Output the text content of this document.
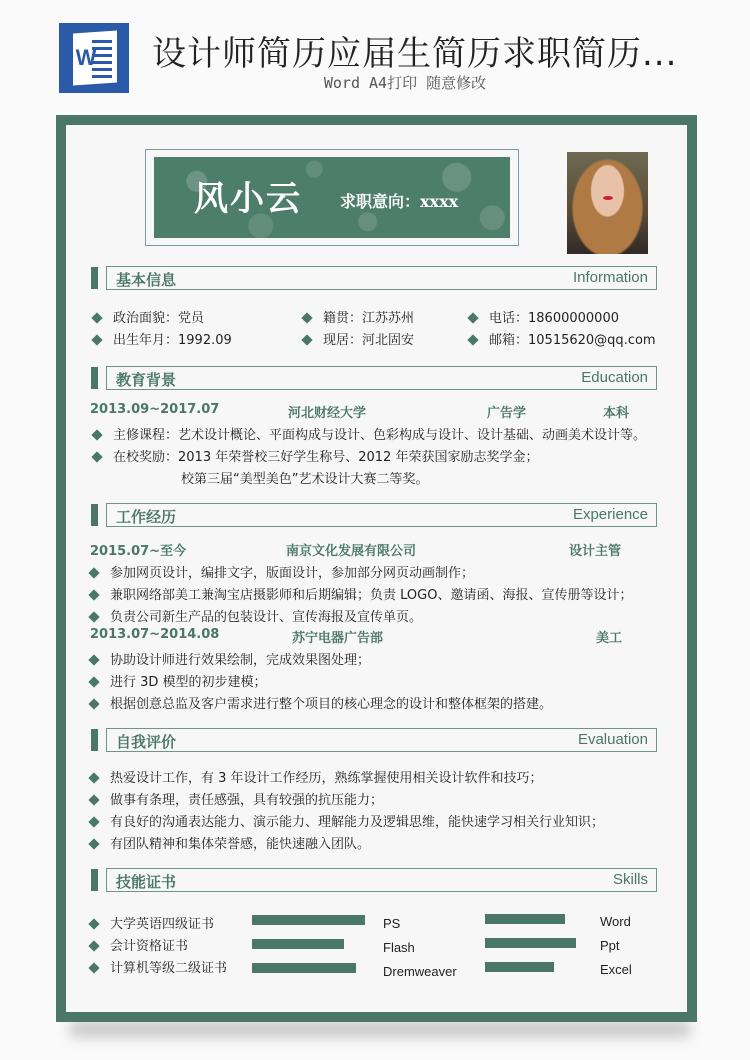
W 设计师简历应届生简历求职简历...
Word A4打印 随意修改
风小云 求职意向：xxxx
基本信息	Information
政治面貌：党员	籍贯：江苏苏州	电话：18600000000
出生年月：1992.09	现居：河北固安	邮箱：10515620@qq.com
教育背景	Education
2013.09~2017.07	河北财经大学	广告学	本科
主修课程：艺术设计概论、平面构成与设计、色彩构成与设计、设计基础、动画美术设计等。
在校奖励：2013 年荣誉校三好学生称号、2012 年荣获国家励志奖学金；
校第三届“美型美色”艺术设计大赛二等奖。
工作经历	Experience
2015.07~至今	南京文化发展有限公司	设计主管
参加网页设计，编排文字，版面设计，参加部分网页动画制作；
兼职网络部美工兼淘宝店摄影师和后期编辑；负责 LOGO、邀请函、海报、宣传册等设计；
负责公司新生产品的包装设计、宣传海报及宣传单页。
2013.07~2014.08	苏宁电器广告部	美工
协助设计师进行效果绘制，完成效果图处理；
进行 3D 模型的初步建模；
根据创意总监及客户需求进行整个项目的核心理念的设计和整体框架的搭建。
自我评价	Evaluation
热爱设计工作，有 3 年设计工作经历，熟练掌握使用相关设计软件和技巧；
做事有条理，责任感强，具有较强的抗压能力；
有良好的沟通表达能力、演示能力、理解能力及逻辑思维，能快速学习相关行业知识；
有团队精神和集体荣誉感，能快速融入团队。
技能证书	Skills
大学英语四级证书
会计资格证书
计算机等级二级证书
PS
Flash
Dremweaver
Word
Ppt
Excel
